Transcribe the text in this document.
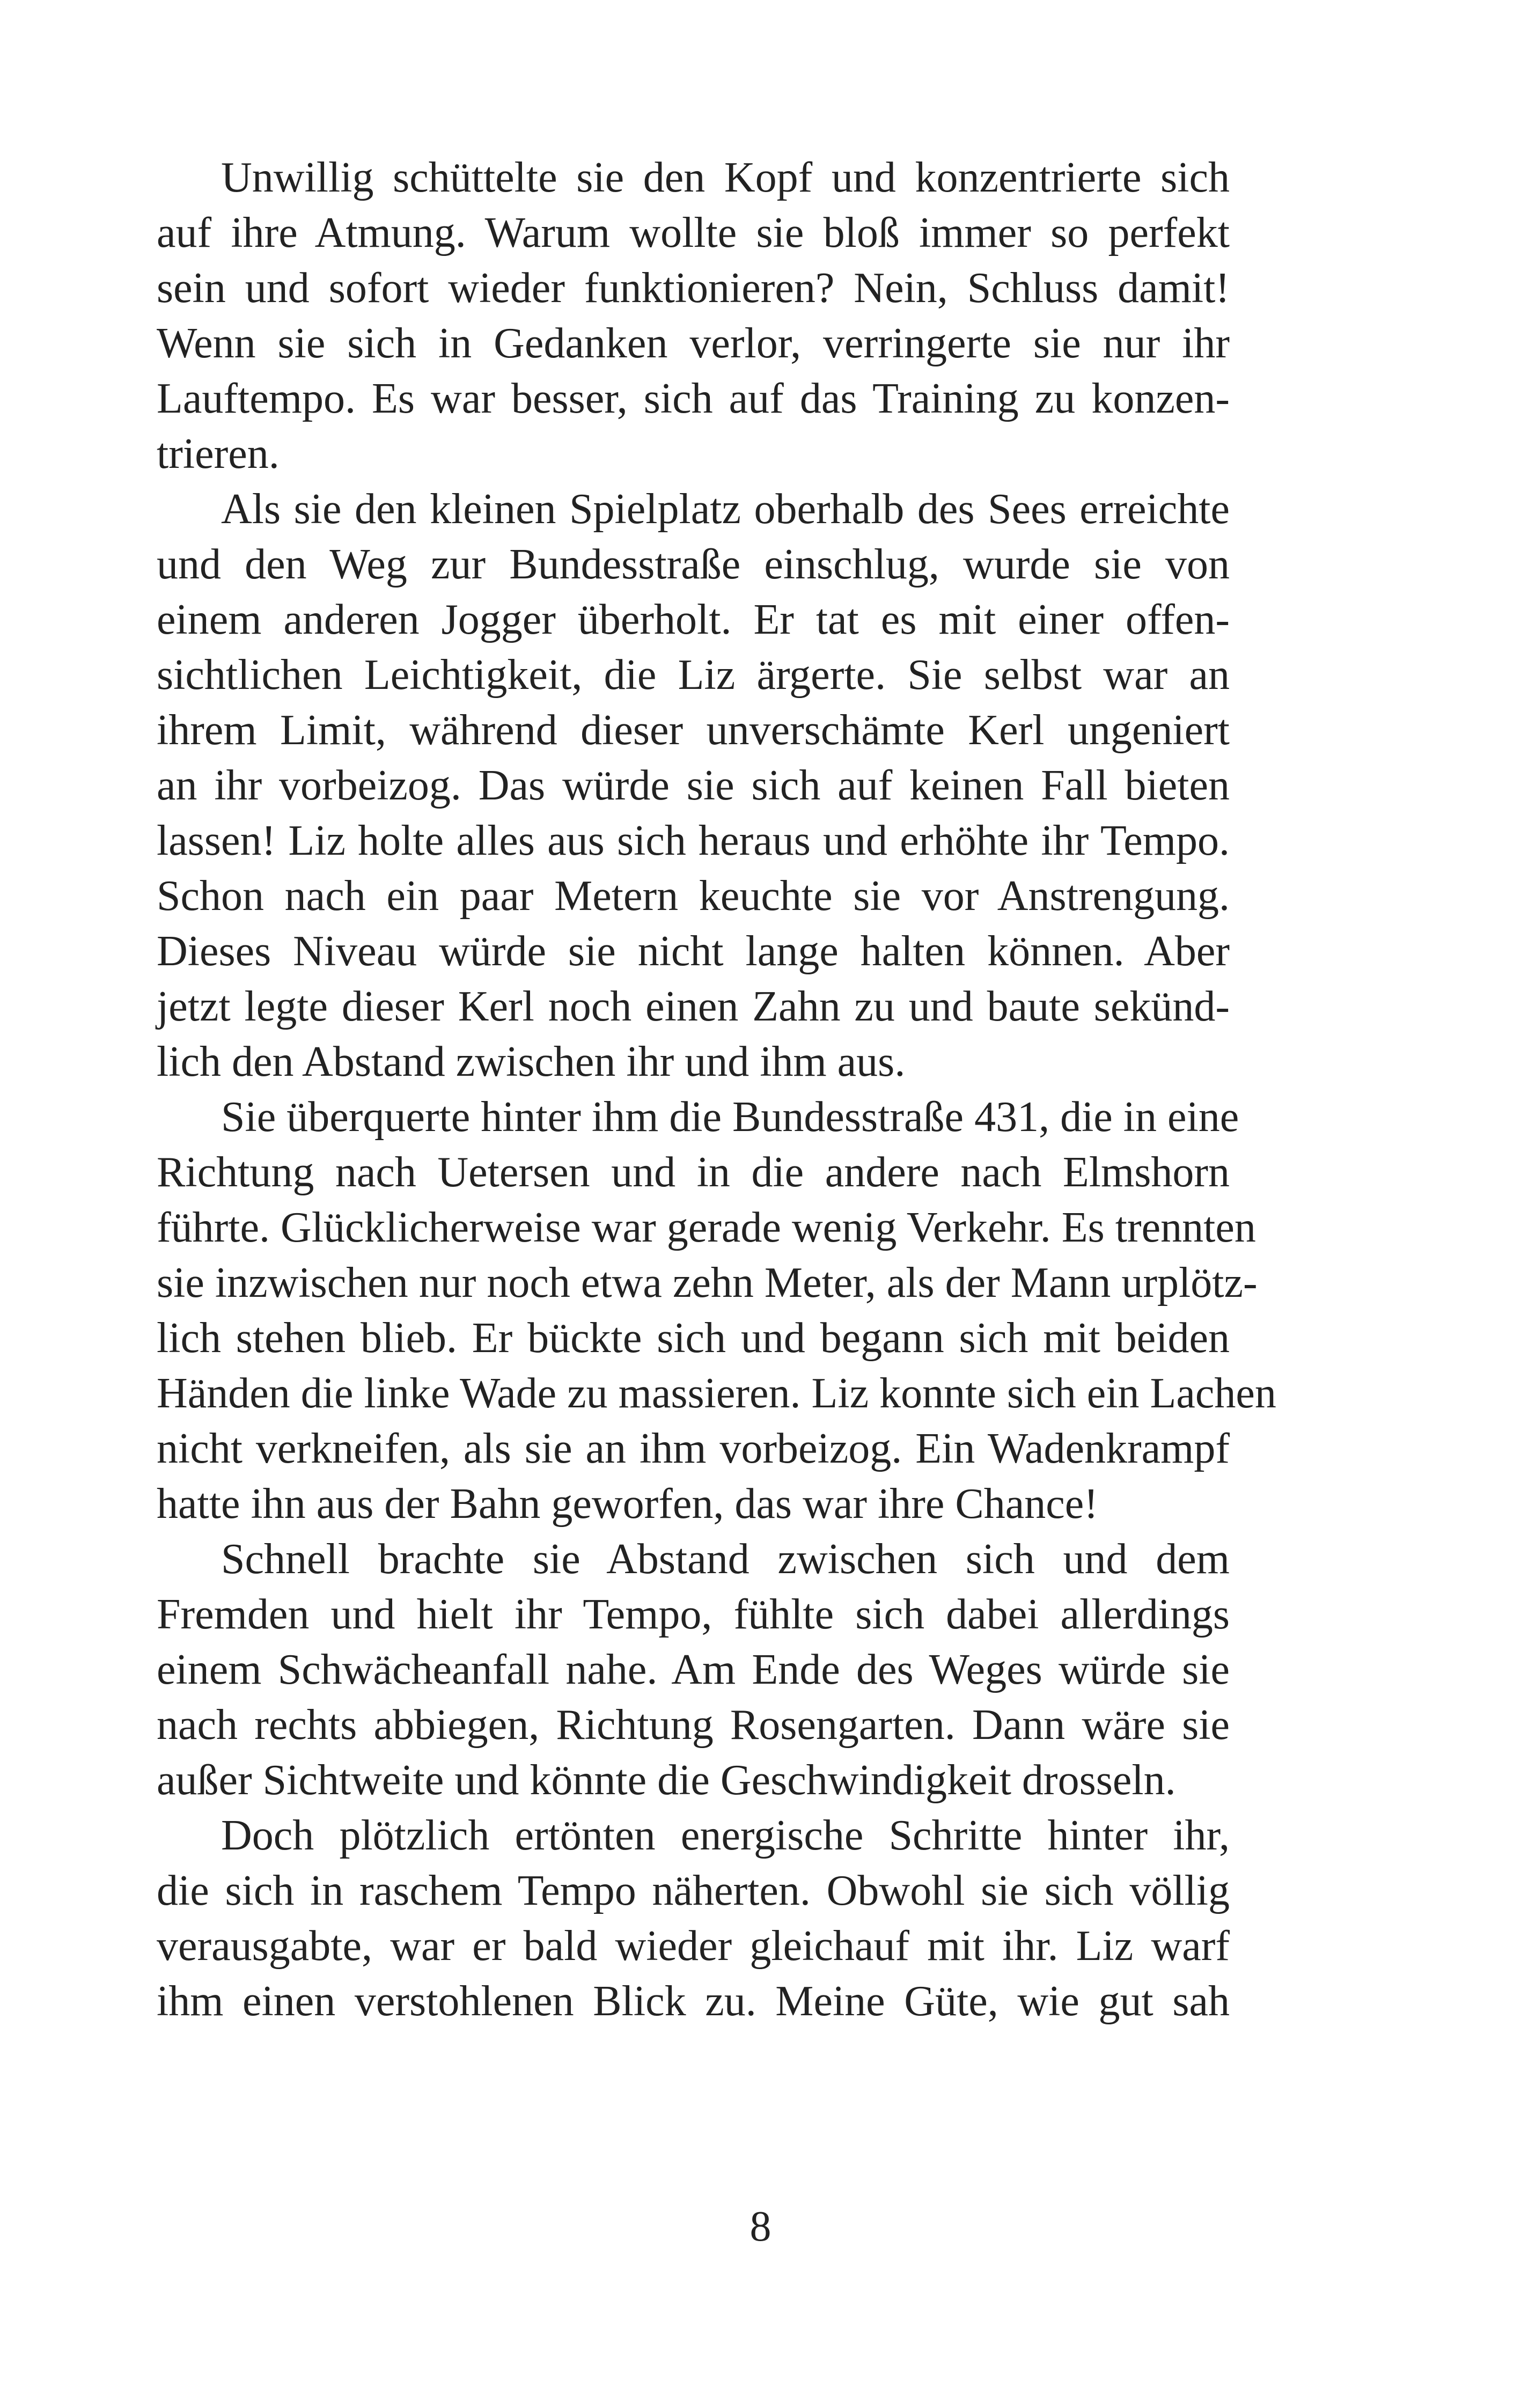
Unwillig schüttelte sie den Kopf und konzentrierte sich
auf ihre Atmung. Warum wollte sie bloß immer so perfekt
sein und sofort wieder funktionieren? Nein, Schluss damit!
Wenn sie sich in Gedanken verlor, verringerte sie nur ihr
Lauftempo. Es war besser, sich auf das Training zu konzen-
trieren.
Als sie den kleinen Spielplatz oberhalb des Sees erreichte
und den Weg zur Bundesstraße einschlug, wurde sie von
einem anderen Jogger überholt. Er tat es mit einer offen-
sichtlichen Leichtigkeit, die Liz ärgerte. Sie selbst war an
ihrem Limit, während dieser unverschämte Kerl ungeniert
an ihr vorbeizog. Das würde sie sich auf keinen Fall bieten
lassen! Liz holte alles aus sich heraus und erhöhte ihr Tempo.
Schon nach ein paar Metern keuchte sie vor Anstrengung.
Dieses Niveau würde sie nicht lange halten können. Aber
jetzt legte dieser Kerl noch einen Zahn zu und baute sekünd-
lich den Abstand zwischen ihr und ihm aus.
Sie überquerte hinter ihm die Bundesstraße 431, die in eine
Richtung nach Uetersen und in die andere nach Elmshorn
führte. Glücklicherweise war gerade wenig Verkehr. Es trennten
sie inzwischen nur noch etwa zehn Meter, als der Mann urplötz-
lich stehen blieb. Er bückte sich und begann sich mit beiden
Händen die linke Wade zu massieren. Liz konnte sich ein Lachen
nicht verkneifen, als sie an ihm vorbeizog. Ein Wadenkrampf
hatte ihn aus der Bahn geworfen, das war ihre Chance!
Schnell brachte sie Abstand zwischen sich und dem
Fremden und hielt ihr Tempo, fühlte sich dabei allerdings
einem Schwächeanfall nahe. Am Ende des Weges würde sie
nach rechts abbiegen, Richtung Rosengarten. Dann wäre sie
außer Sichtweite und könnte die Geschwindigkeit drosseln.
Doch plötzlich ertönten energische Schritte hinter ihr,
die sich in raschem Tempo näherten. Obwohl sie sich völlig
verausgabte, war er bald wieder gleichauf mit ihr. Liz warf
ihm einen verstohlenen Blick zu. Meine Güte, wie gut sah
8
